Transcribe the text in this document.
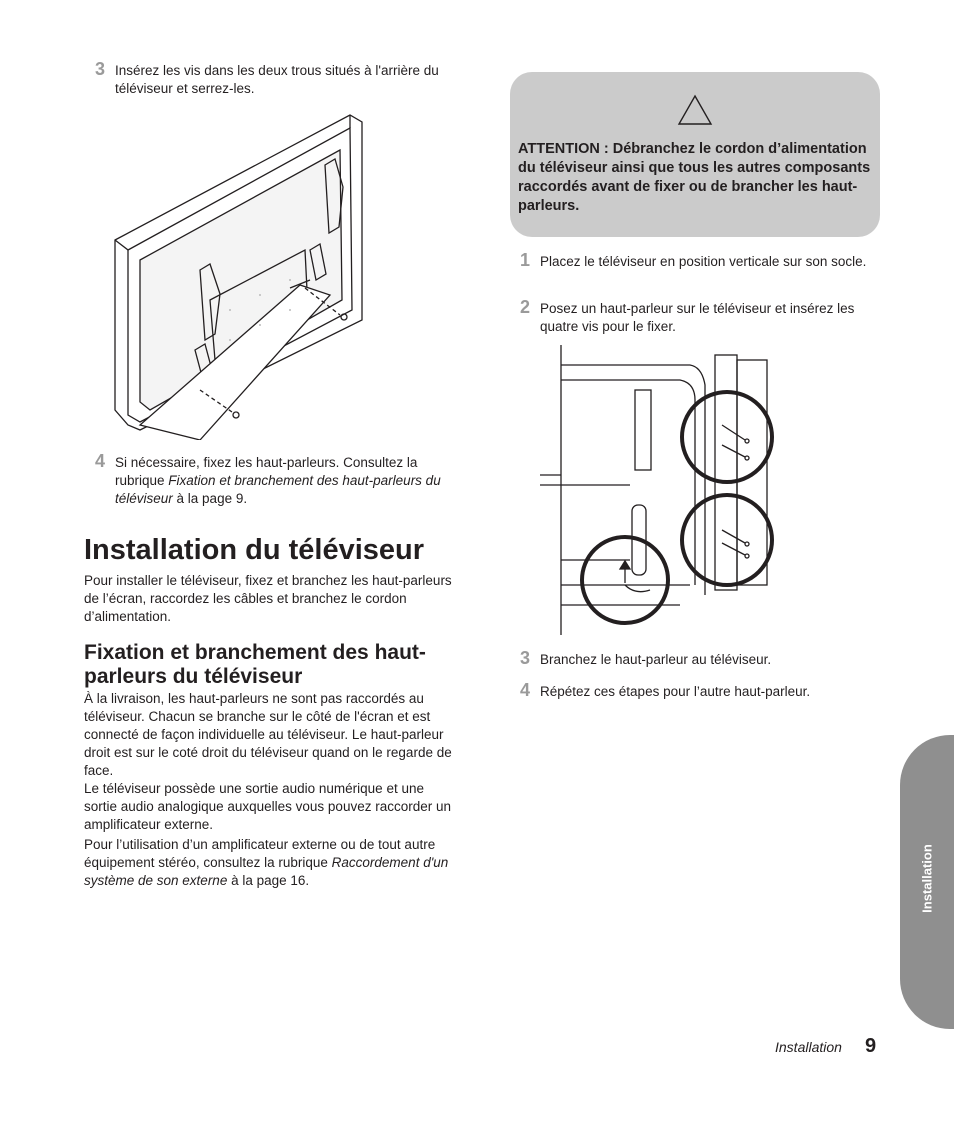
3 Insérez les vis dans les deux trous situés à l'arrière du téléviseur et serrez-les.
4 Si nécessaire, fixez les haut-parleurs. Consultez la rubrique Fixation et branchement des haut-parleurs du téléviseur à la page 9.
Installation du téléviseur
Pour installer le téléviseur, fixez et branchez les haut-parleurs de l’écran, raccordez les câbles et branchez le cordon d’alimentation.
Fixation et branchement des haut-parleurs du téléviseur
À la livraison, les haut-parleurs ne sont pas raccordés au téléviseur. Chacun se branche sur le côté de l'écran et est connecté de façon individuelle au téléviseur. Le haut-parleur droit est sur le coté droit du téléviseur quand on le regarde de face.
Le téléviseur possède une sortie audio numérique et une sortie audio analogique auxquelles vous pouvez raccorder un amplificateur externe.
Pour l’utilisation d’un amplificateur externe ou de tout autre équipement stéréo, consultez la rubrique Raccordement d'un système de son externe à la page 16.
ATTENTION : Débranchez le cordon d’alimentation du téléviseur ainsi que tous les autres composants raccordés avant de fixer ou de brancher les haut-parleurs.
1 Placez le téléviseur en position verticale sur son socle.
2 Posez un haut-parleur sur le téléviseur et insérez les quatre vis pour le fixer.
3 Branchez le haut-parleur au téléviseur.
4 Répétez ces étapes pour l’autre haut-parleur.
Installation
Installation 9
